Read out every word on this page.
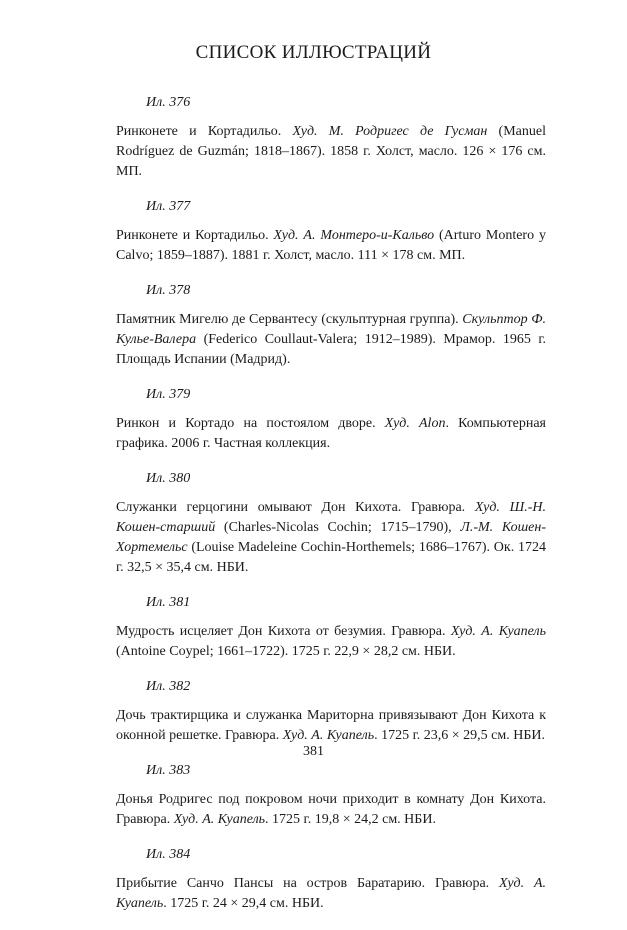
СПИСОК ИЛЛЮСТРАЦИЙ
Ил. 376

Ринконете и Кортадильо. Худ. М. Родригес де Гусман (Manuel Rodríguez de Guzmán; 1818–1867). 1858 г. Холст, масло. 126 × 176 см. МП.

Ил. 377

Ринконете и Кортадильо. Худ. А. Монтеро-и-Кальво (Arturo Montero y Calvo; 1859–1887). 1881 г. Холст, масло. 111 × 178 см. МП.

Ил. 378

Памятник Мигелю де Сервантесу (скульптурная группа). Скульптор Ф. Кулье-Валера (Federico Coullaut-Valera; 1912–1989). Мрамор. 1965 г. Площадь Испании (Мадрид).

Ил. 379

Ринкон и Кортадо на постоялом дворе. Худ. Alon. Компьютерная графика. 2006 г. Частная коллекция.

Ил. 380

Служанки герцогини омывают Дон Кихота. Гравюра. Худ. Ш.-Н. Кошен-старший (Charles-Nicolas Cochin; 1715–1790), Л.-М. Кошен-Хортемельс (Louise Madeleine Cochin-Horthemels; 1686–1767). Ок. 1724 г. 32,5 × 35,4 см. НБИ.

Ил. 381

Мудрость исцеляет Дон Кихота от безумия. Гравюра. Худ. А. Куапель (Antoine Coypel; 1661–1722). 1725 г. 22,9 × 28,2 см. НБИ.

Ил. 382

Дочь трактирщика и служанка Мариторна привязывают Дон Кихота к оконной решетке. Гравюра. Худ. А. Куапель. 1725 г. 23,6 × 29,5 см. НБИ.

Ил. 383

Донья Родригес под покровом ночи приходит в комнату Дон Кихота. Гравюра. Худ. А. Куапель. 1725 г. 19,8 × 24,2 см. НБИ.

Ил. 384

Прибытие Санчо Пансы на остров Баратарию. Гравюра. Худ. А. Куапель. 1725 г. 24 × 29,4 см. НБИ.

381
